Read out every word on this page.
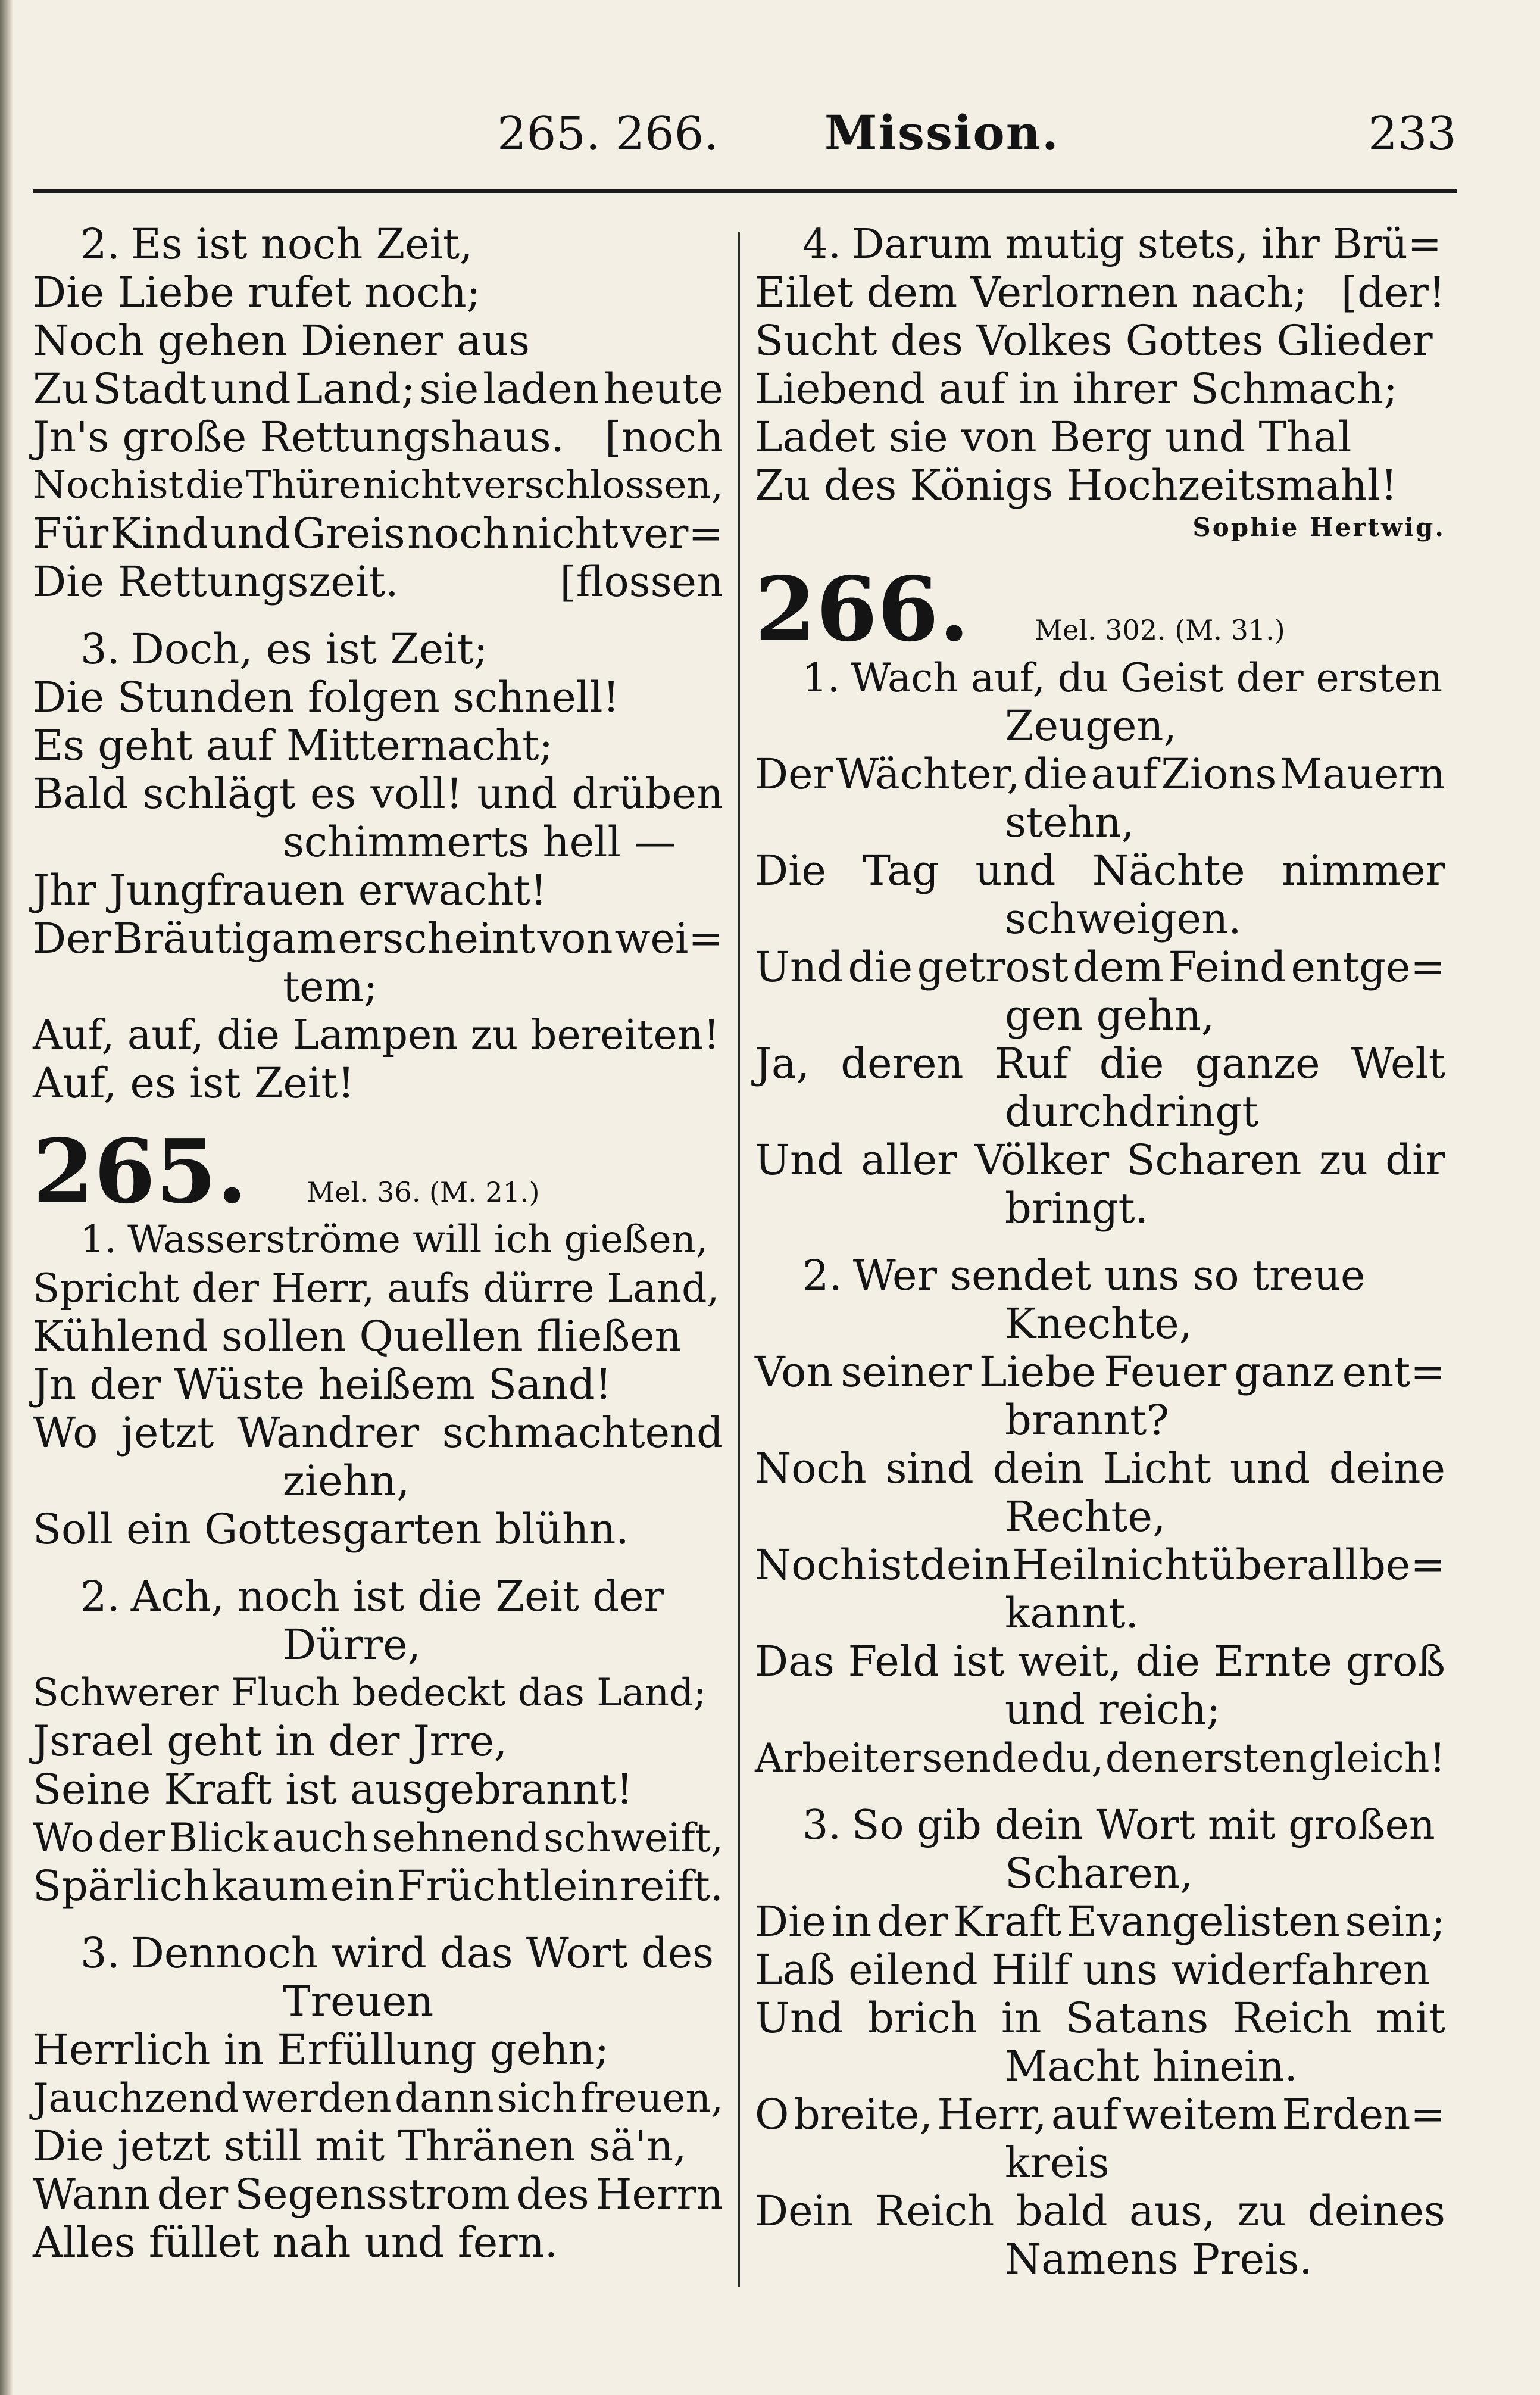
265. 266. Mission.	233
2. Es ist noch Zeit,
Die Liebe rufet noch;
Noch gehen Diener aus
Zu Stadt und Land; sie laden heute
Jn's große Rettungshaus. [noch
Noch ist die Thüre nicht verschlossen,
Für Kind und Greis noch nicht ver=
Die Rettungszeit.	[flossen
3. Doch, es ist Zeit;
Die Stunden folgen schnell!
Es geht auf Mitternacht;
Bald schlägt es voll! und drüben
schimmerts hell —
Jhr Jungfrauen erwacht!
Der Bräutigam erscheint von wei=
tem;
Auf, auf, die Lampen zu bereiten!
Auf, es ist Zeit!
265. Mel. 36. (M. 21.)
1. Wasserströme will ich gießen,
Spricht der Herr, aufs dürre Land,
Kühlend sollen Quellen fließen
Jn der Wüste heißem Sand!
Wo jetzt Wandrer schmachtend
ziehn,
Soll ein Gottesgarten blühn.
2. Ach, noch ist die Zeit der
Dürre,
Schwerer Fluch bedeckt das Land;
Jsrael geht in der Jrre,
Seine Kraft ist ausgebrannt!
Wo der Blick auch sehnend schweift,
Spärlich kaum ein Früchtlein reift.
3. Dennoch wird das Wort des
Treuen
Herrlich in Erfüllung gehn;
Jauchzend werden dann sich freuen,
Die jetzt still mit Thränen sä'n,
Wann der Segensstrom des Herrn
Alles füllet nah und fern.
4. Darum mutig stets, ihr Brü=
Eilet dem Verlornen nach; [der!
Sucht des Volkes Gottes Glieder
Liebend auf in ihrer Schmach;
Ladet sie von Berg und Thal
Zu des Königs Hochzeitsmahl!
Sophie Hertwig.
266. Mel. 302. (M. 31.)
1. Wach auf, du Geist der ersten
Zeugen,
Der Wächter, die auf Zions Mauern
stehn,
Die Tag und Nächte nimmer
schweigen.
Und die getrost dem Feind entge=
gen gehn,
Ja, deren Ruf die ganze Welt
durchdringt
Und aller Völker Scharen zu dir
bringt.
2. Wer sendet uns so treue
Knechte,
Von seiner Liebe Feuer ganz ent=
brannt?
Noch sind dein Licht und deine
Rechte,
Noch ist dein Heil nicht überall be=
kannt.
Das Feld ist weit, die Ernte groß
und reich;
Arbeiter sende du, den ersten gleich!
3. So gib dein Wort mit großen
Scharen,
Die in der Kraft Evangelisten sein;
Laß eilend Hilf uns widerfahren
Und brich in Satans Reich mit
Macht hinein.
O breite, Herr, auf weitem Erden=
kreis
Dein Reich bald aus, zu deines
Namens Preis.
